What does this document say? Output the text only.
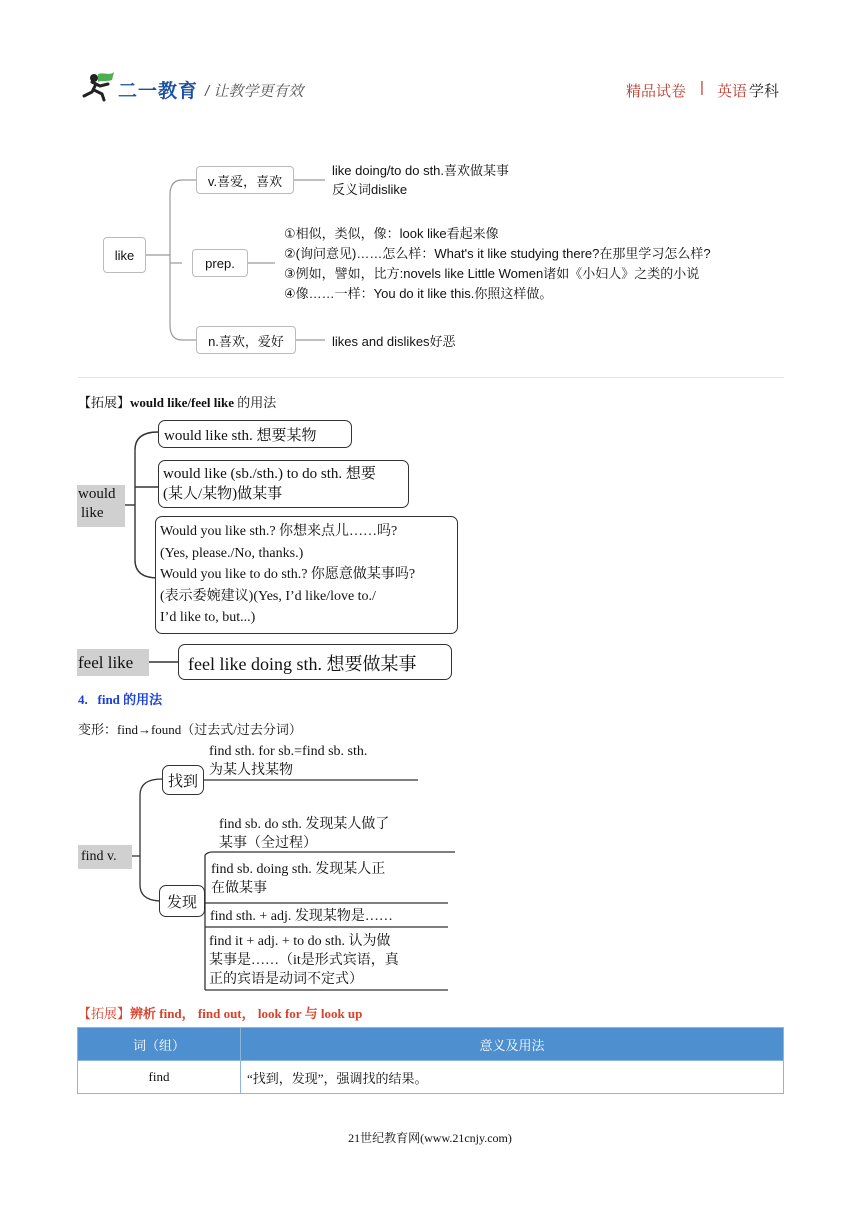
二一教育 / 让教学更有效	精品试卷 | 英语 学科
like
v.喜爱，喜欢
like doing/to do sth.喜欢做某事
反义词dislike
prep.
①相似，类似，像：look like看起来像
②(询问意见)……怎么样：What's it like studying there?在那里学习怎么样?
③例如，譬如，比方:novels like Little Women诸如《小妇人》之类的小说
④像……一样：You do it like this.你照这样做。
n.喜欢，爱好	likes and dislikes好恶
【拓展】would like/feel like 的用法
would
like
would like sth. 想要某物
would like (sb./sth.) to do sth. 想要
(某人/某物)做某事
Would you like sth.? 你想来点儿……吗?
(Yes, please./No, thanks.)
Would you like to do sth.? 你愿意做某事吗?
(表示委婉建议)(Yes, I’d like/love to./
I’d like to, but...)
feel like	feel like doing sth. 想要做某事
4. find 的用法
变形：find→found（过去式/过去分词）
find v.
找到
find sth. for sb.=find sb. sth.
为某人找某物
发现
find sb. do sth. 发现某人做了
某事（全过程）
find sb. doing sth. 发现某人正
在做某事
find sth. + adj. 发现某物是……
find it + adj. + to do sth. 认为做
某事是……（it是形式宾语，真
正的宾语是动词不定式）
【拓展】辨析 find， find out， look for 与 look up
词（组）	意义及用法
find	“找到，发现”，强调找的结果。
21世纪教育网(www.21cnjy.com)
